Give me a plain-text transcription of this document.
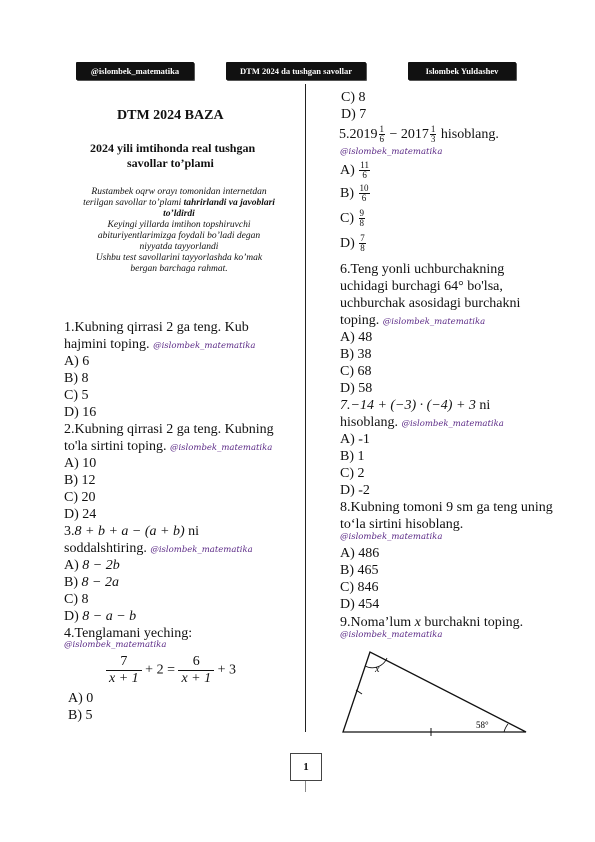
@islombek_matematika	DTM 2024 da tushgan savollar	Islombek Yuldashev
DTM 2024 BAZA
2024 yili imtihonda real tushgan
savollar to’plami
Rustambek oqrw orayı tomonidan internetdan
terilgan savollar to’plami tahrirlandi va javoblari
to’ldirdi
Keyingi yillarda imtihon topshiruvchi
abituriyentlarimizga foydali bo’ladi degan
niyyatda tayyorlandi
Ushbu test savollarini tayyorlashda ko’mak
bergan barchaga rahmat.
1.Kubning qirrasi 2 ga teng. Kub
hajmini toping. @islombek_matematika
A) 6
B) 8
C) 5
D) 16
2.Kubning qirrasi 2 ga teng. Kubning
to'la sirtini toping. @islombek_matematika
A) 10
B) 12
C) 20
D) 24
3.8 + b + a − (a + b) ni
soddalshtiring. @islombek_matematika
A) 8 − 2b
B) 8 − 2a
C) 8
D) 8 − a − b
4.Tenglamani yeching:
@islombek_matematika
$\frac{7}{x + 1} + 2 = \frac{6}{x + 1} + 3$
A) 0
B) 5
C) 8
D) 7
$5.2019 \frac{1}{6} - 2017 \frac{1}{3}$ hisoblang.
@islombek_matematika
$A) \frac{11}{6}$
$B) \frac{10}{6}$
$C) \frac{9}{8}$
$D) \frac{7}{8}$
6.Teng yonli uchburchakning
uchidagi burchagi 64° bo'lsa,
uchburchak asosidagi burchakni
toping. @islombek_matematika
A) 48
B) 38
C) 68
D) 58
7.−14 + (−3) · (−4) + 3 ni
hisoblang. @islombek_matematika
A) -1
B) 1
C) 2
D) -2
8.Kubning tomoni 9 sm ga teng uning
to‘la sirtini hisoblang.
@islombek_matematika
A) 486
B) 465
C) 846
D) 454
9.Noma’lum x burchakni toping.
@islombek_matematika
x
58°
1
